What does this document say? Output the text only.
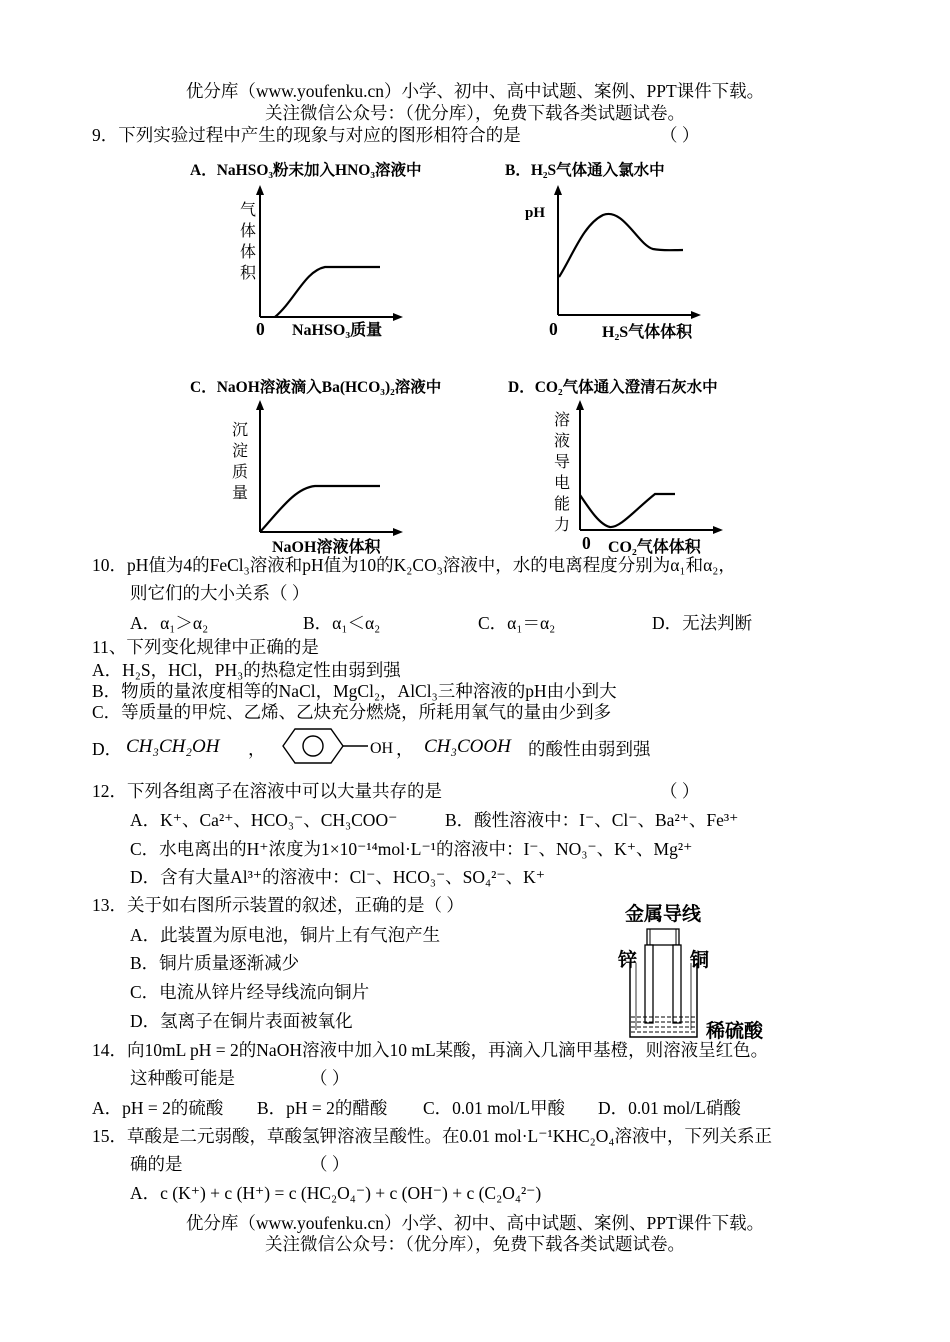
优分库（www.youfenku.cn）小学、初中、高中试题、案例、PPT课件下载。
关注微信公众号：（优分库），免费下载各类试题试卷。
9．下列实验过程中产生的现象与对应的图形相符合的是	（ ）
A．NaHSO₃粉末加入HNO₃溶液中
气体体积
0 NaHSO₃质量
B．H₂S气体通入氯水中
pH
0	H₂S气体体积
C．NaOH溶液滴入Ba(HCO₃)₂溶液中
沉淀质量
NaOH溶液体积
D．CO₂气体通入澄清石灰水中
溶液导电能力
0 CO₂气体体积
10．pH值为4的FeCl₃溶液和pH值为10的K₂CO₃溶液中，水的电离程度分别为α₁和α₂，
则它们的大小关系（ ）
A．α₁＞α₂	B．α₁＜α₂	C．α₁＝α₂	D．无法判断
11、下列变化规律中正确的是
A．H₂S，HCl，PH₃的热稳定性由弱到强
B．物质的量浓度相等的NaCl，MgCl₂，AlCl₃三种溶液的pH由小到大
C．等质量的甲烷、乙烯、乙炔充分燃烧，所耗用氧气的量由少到多
D． CH₃CH₂OH ，	OH ， CH₃COOH 的酸性由弱到强
12．下列各组离子在溶液中可以大量共存的是	（ ）
A．K⁺、Ca²⁺、HCO₃⁻、CH₃COO⁻	B．酸性溶液中：I⁻、Cl⁻、Ba²⁺、Fe³⁺
C．水电离出的H⁺浓度为1×10⁻¹⁴mol·L⁻¹的溶液中：I⁻、NO₃⁻、K⁺、Mg²⁺
D．含有大量Al³⁺的溶液中：Cl⁻、HCO₃⁻、SO₄²⁻、K⁺
13．关于如右图所示装置的叙述，正确的是（ ）
A．此装置为原电池，铜片上有气泡产生
B．铜片质量逐渐减少
C．电流从锌片经导线流向铜片
D．氢离子在铜片表面被氧化
金属导线
锌	铜
稀硫酸
14．向10mL pH = 2的NaOH溶液中加入10 mL某酸，再滴入几滴甲基橙，则溶液呈红色。
这种酸可能是	（ ）
A．pH = 2的硫酸 B．pH = 2的醋酸 C．0.01 mol/L甲酸 D．0.01 mol/L硝酸
15．草酸是二元弱酸，草酸氢钾溶液呈酸性。在0.01 mol·L⁻¹KHC₂O₄溶液中，下列关系正
确的是	（ ）
A．c (K⁺) + c (H⁺) = c (HC₂O₄⁻) + c (OH⁻) + c (C₂O₄²⁻)
优分库（www.youfenku.cn）小学、初中、高中试题、案例、PPT课件下载。
关注微信公众号：（优分库），免费下载各类试题试卷。
